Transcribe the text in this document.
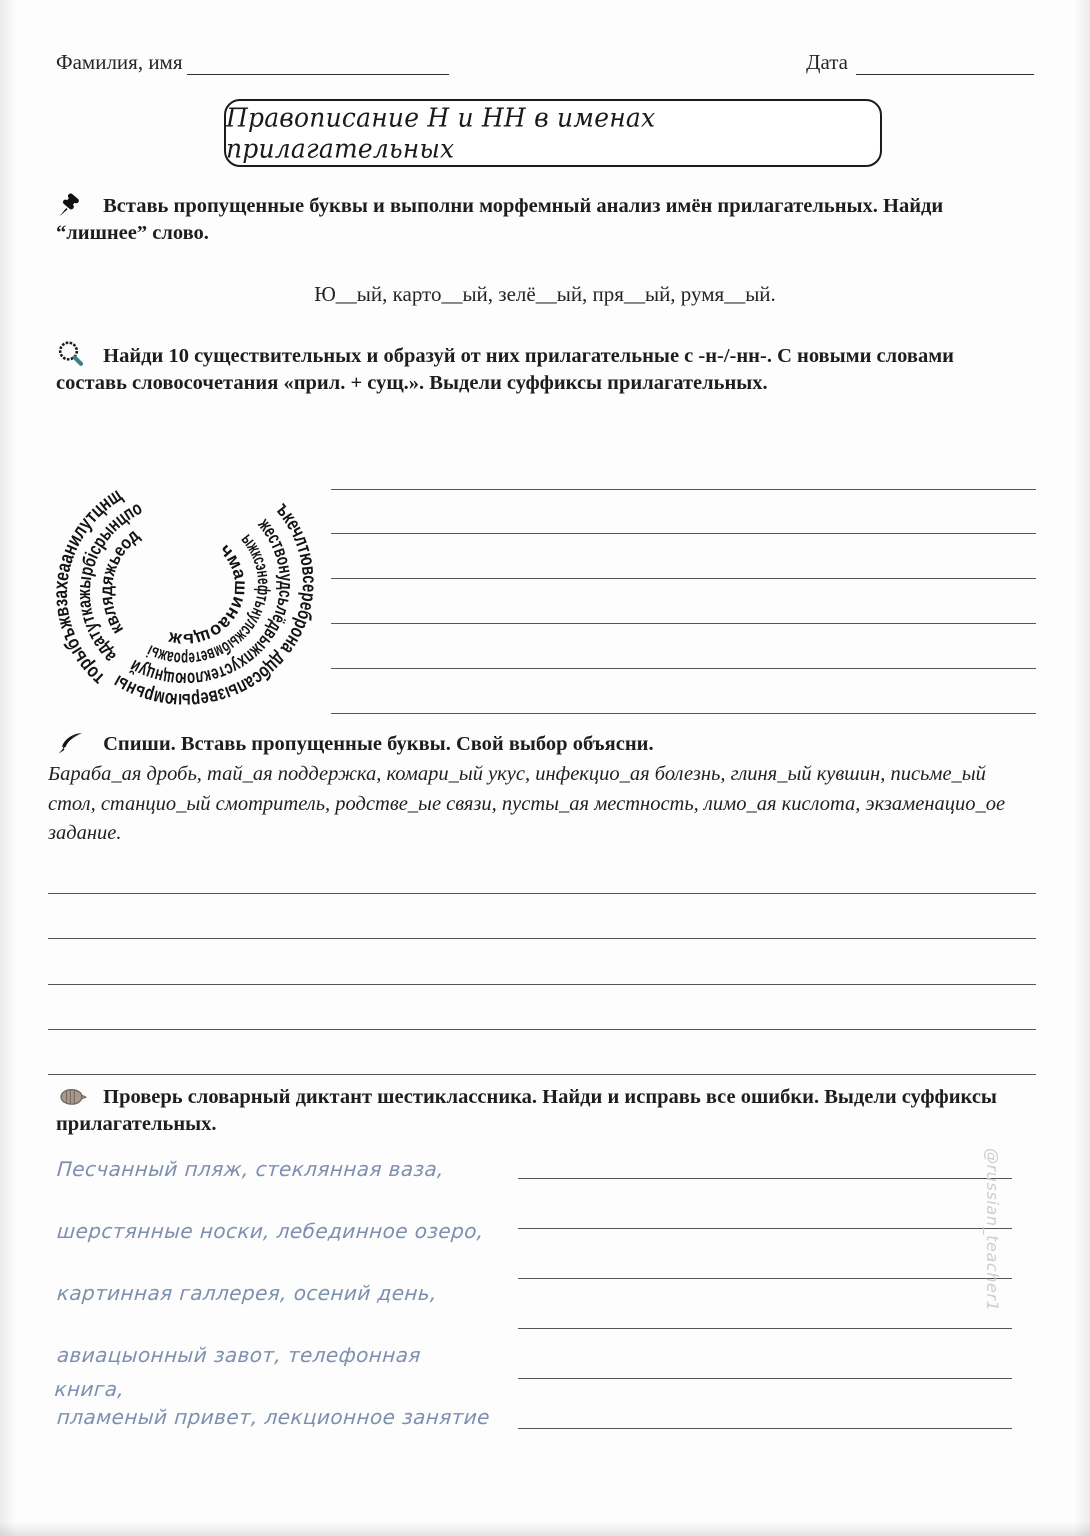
Фамилия, имя	Дата
Правописание Н и НН в именах прилагательных
Вставь пропущенные буквы и выполни морфемный анализ имён прилагательных. Найди “лишнее” слово.
Ю__ый, карто__ый, зелё__ый, пря__ый, румя__ый.
Найди 10 существительных и образуй от них прилагательные с -н-/-нн-. С новыми словами составь словосочетания «прил. + сущ.». Выдели суффиксы прилагательных.
ъкечлтювсереброна дцбсапызверыюмрьны
жествонудсьлёдвыжпхустеклоющнцуй
ыжксэнефтьнулсжыбмветероажьі
чмашинаощьж
торыбъжвзахеаанилутцнщ
адатуткажырбісрынцпо
квлядяжьеод
Спиши. Вставь пропущенные буквы. Свой выбор объясни.
Бараба_ая дробь, тай_ая поддержка, комари_ый укус, инфекцио_ая болезнь, глиня_ый кувшин, письме_ый стол, станцио_ый смотритель, родстве_ые связи, пусты_ая местность, лимо_ая кислота, экзаменацио_ое задание.
Проверь словарный диктант шестиклассника. Найди и исправь все ошибки. Выдели суффиксы прилагательных.
Песчанный пляж, стеклянная ваза,
шерстянные носки, лебединное озеро,
картинная галлерея, осений день,
авиацыонный завот, телефонная книга,
пламеный привет, лекционное занятие
@russian_teacher1
